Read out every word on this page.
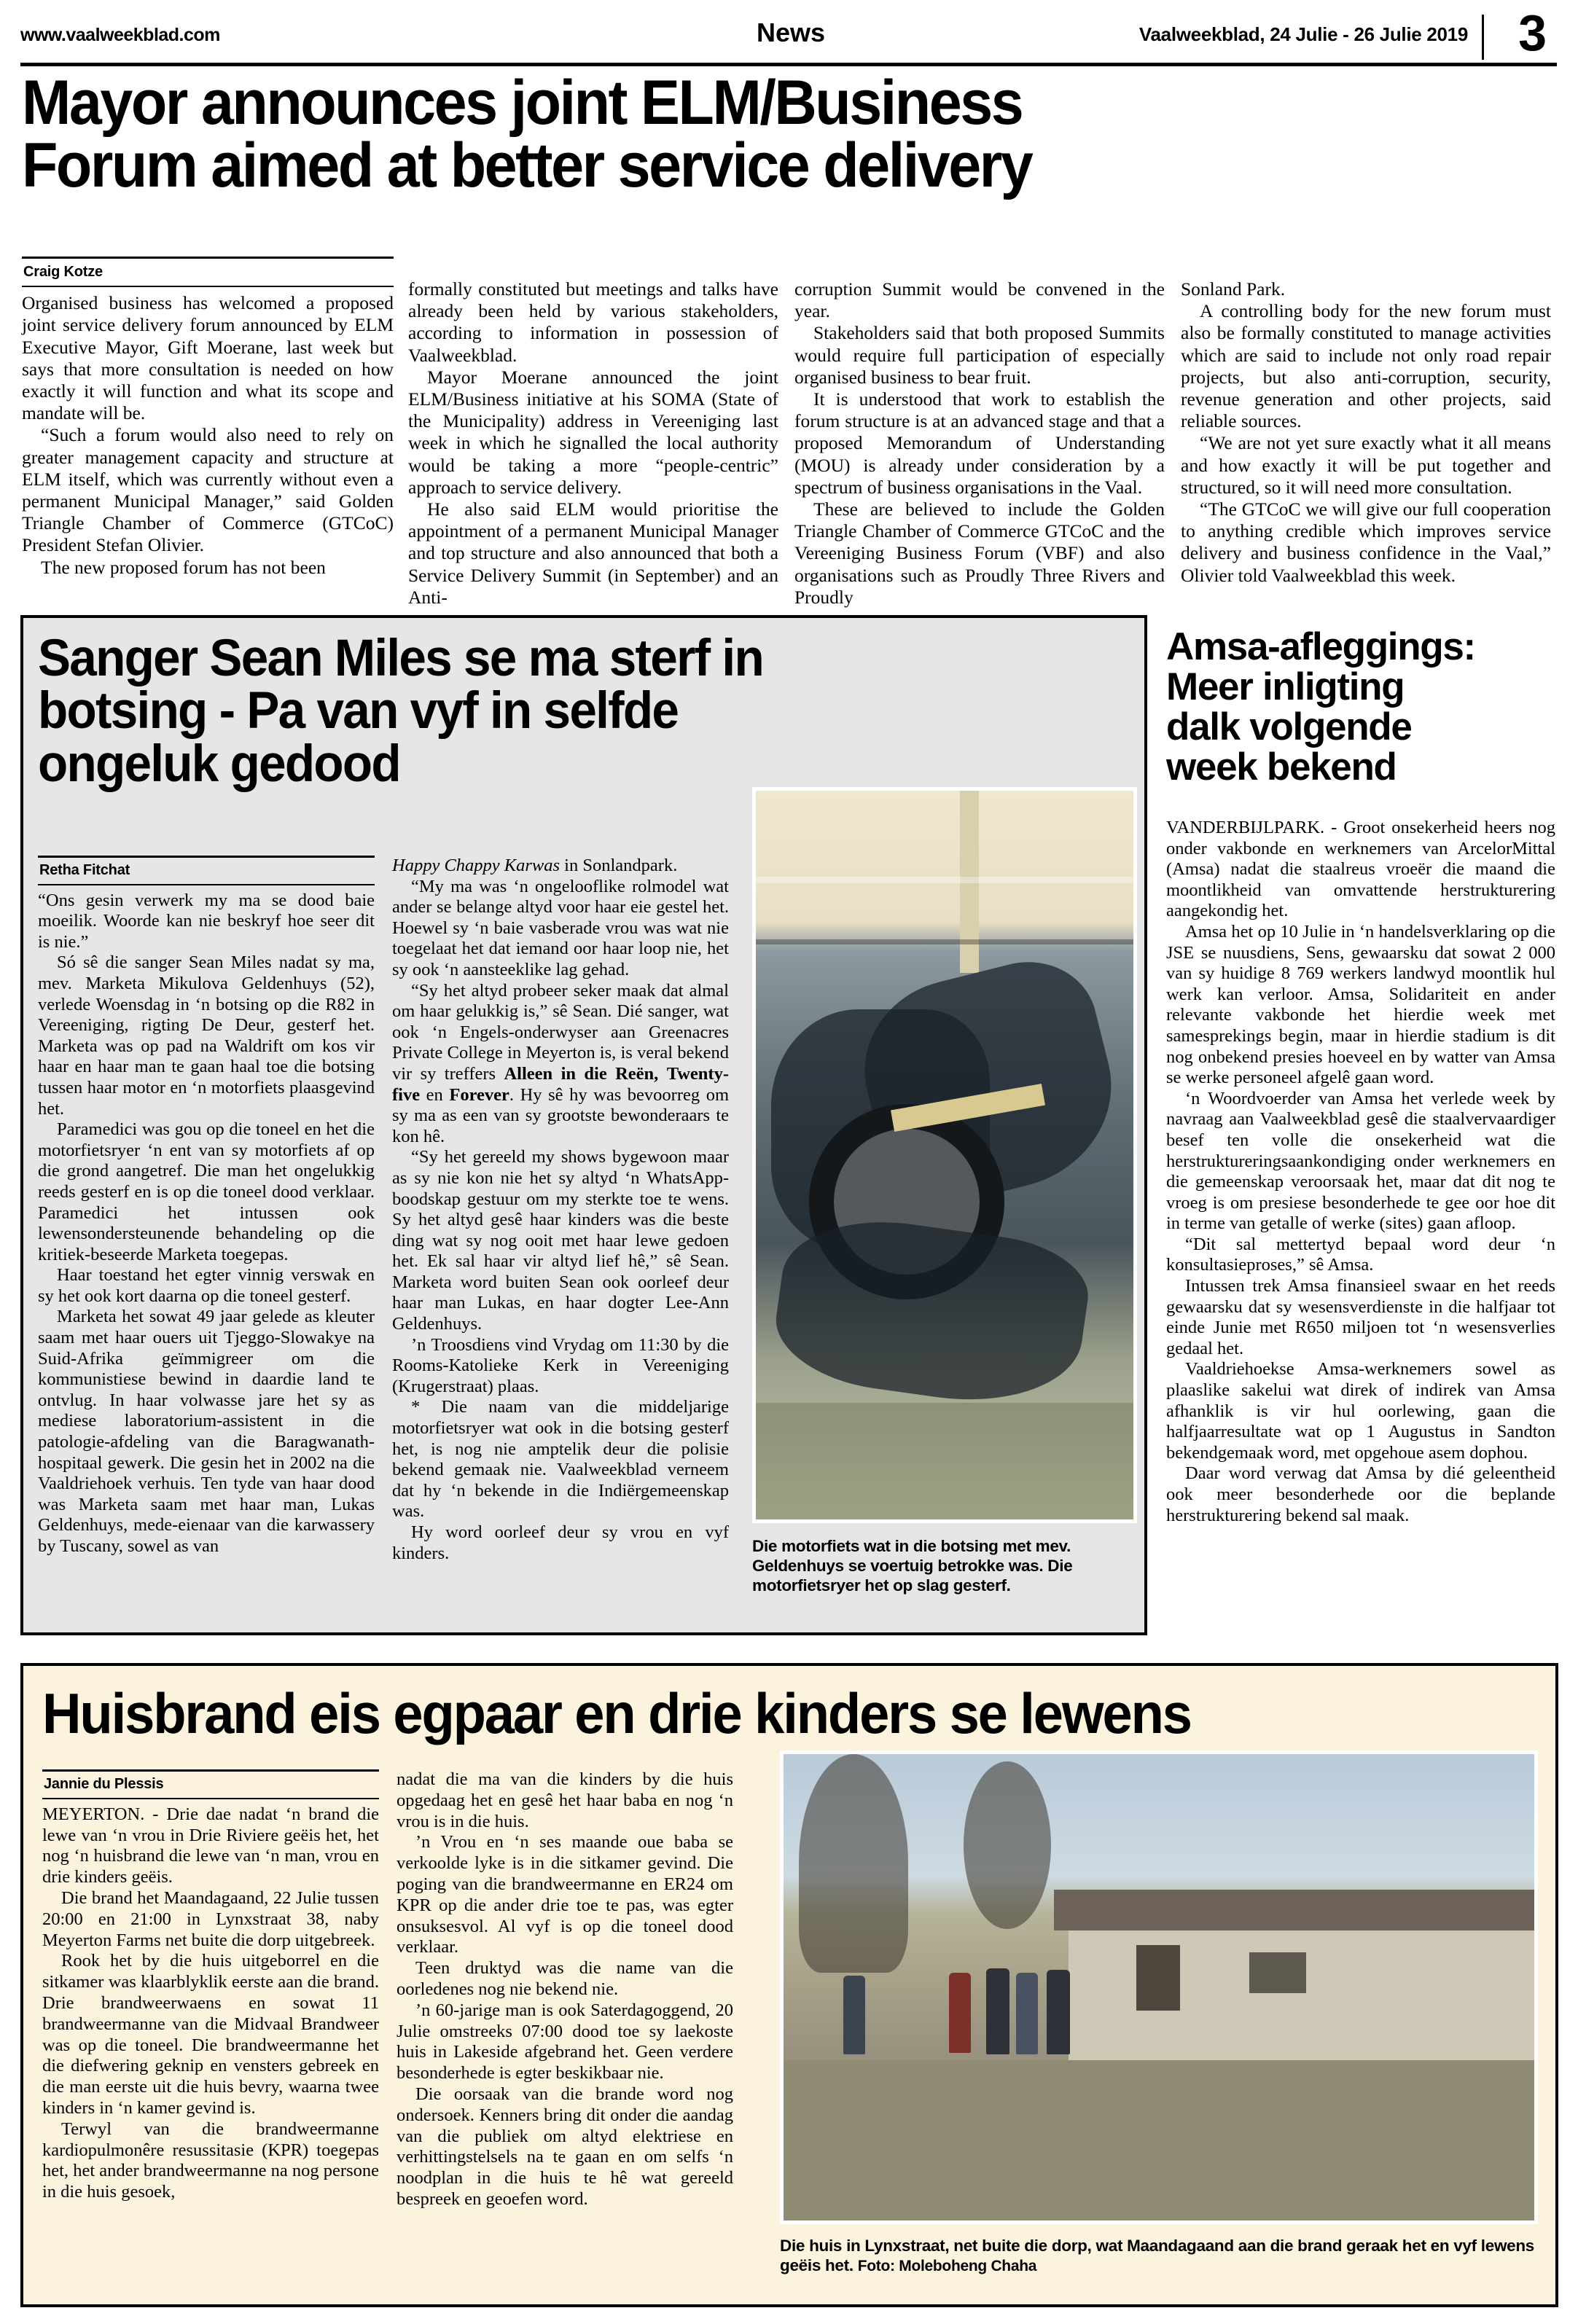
www.vaalweekblad.com	News	Vaalweekblad, 24 Julie - 26 Julie 2019 3
Mayor announces joint ELM/Business
Forum aimed at better service delivery
Craig Kotze

Organised business has welcomed a proposed joint service delivery forum announced by ELM Executive Mayor, Gift Moerane, last week but says that more consultation is needed on how exactly it will function and what its scope and mandate will be.

“Such a forum would also need to rely on greater management capacity and structure at ELM itself, which was currently without even a permanent Municipal Manager,” said Golden Triangle Chamber of Commerce (GTCoC) President Stefan Olivier.

The new proposed forum has not been

formally constituted but meetings and talks have already been held by various stakeholders, according to information in possession of Vaalweekblad.

Mayor Moerane announced the joint ELM/Business initiative at his SOMA (State of the Municipality) address in Vereeniging last week in which he signalled the local authority would be taking a more “people-centric” approach to service delivery.

He also said ELM would prioritise the appointment of a permanent Municipal Manager and top structure and also announced that both a Service Delivery Summit (in September) and an Anti-

corruption Summit would be convened in the year.

Stakeholders said that both proposed Summits would require full participation of especially organised business to bear fruit.

It is understood that work to establish the forum structure is at an advanced stage and that a proposed Memorandum of Understanding (MOU) is already under consideration by a spectrum of business organisations in the Vaal.

These are believed to include the Golden Triangle Chamber of Commerce GTCoC and the Vereeniging Business Forum (VBF) and also organisations such as Proudly Three Rivers and Proudly

Sonland Park.

A controlling body for the new forum must also be formally constituted to manage activities which are said to include not only road repair projects, but also anti-corruption, security, revenue generation and other projects, said reliable sources.

“We are not yet sure exactly what it all means and how exactly it will be put together and structured, so it will need more consultation.

“The GTCoC we will give our full cooperation to anything credible which improves service delivery and business confidence in the Vaal,” Olivier told Vaalweekblad this week.

Sanger Sean Miles se ma sterf in
botsing - Pa van vyf in selfde
ongeluk gedood
Retha Fitchat

“Ons gesin verwerk my ma se dood baie moeilik. Woorde kan nie beskryf hoe seer dit is nie.”

Só sê die sanger Sean Miles nadat sy ma, mev. Marketa Mikulova Geldenhuys (52), verlede Woensdag in ‘n botsing op die R82 in Vereeniging, rigting De Deur, gesterf het. Marketa was op pad na Waldrift om kos vir haar en haar man te gaan haal toe die botsing tussen haar motor en ‘n motorfiets plaasgevind het.

Paramedici was gou op die toneel en het die motorfietsryer ‘n ent van sy motorfiets af op die grond aangetref. Die man het ongelukkig reeds gesterf en is op die toneel dood verklaar. Paramedici het intussen ook lewensondersteunende behandeling op die kritiek-beseerde Marketa toegepas.

Haar toestand het egter vinnig verswak en sy het ook kort daarna op die toneel gesterf.

Marketa het sowat 49 jaar gelede as kleuter saam met haar ouers uit Tjeggo-Slowakye na Suid-Afrika geïmmigreer om die kommunistiese bewind in daardie land te ontvlug. In haar volwasse jare het sy as mediese laboratorium-assistent in die patologie-afdeling van die Baragwanath-hospitaal gewerk. Die gesin het in 2002 na die Vaaldriehoek verhuis. Ten tyde van haar dood was Marketa saam met haar man, Lukas Geldenhuys, mede-eienaar van die karwassery by Tuscany, sowel as van

Happy Chappy Karwas in Sonlandpark.

“My ma was ‘n ongelooflike rolmodel wat ander se belange altyd voor haar eie gestel het. Hoewel sy ‘n baie vasberade vrou was wat nie toegelaat het dat iemand oor haar loop nie, het sy ook ‘n aansteeklike lag gehad.

“Sy het altyd probeer seker maak dat almal om haar gelukkig is,” sê Sean. Dié sanger, wat ook ‘n Engels-onderwyser aan Greenacres Private College in Meyerton is, is veral bekend vir sy treffers Alleen in die Reën, Twenty-five en Forever. Hy sê hy was bevoorreg om sy ma as een van sy grootste bewonderaars te kon hê.

“Sy het gereeld my shows bygewoon maar as sy nie kon nie het sy altyd ‘n WhatsApp-boodskap gestuur om my sterkte toe te wens. Sy het altyd gesê haar kinders was die beste ding wat sy nog ooit met haar lewe gedoen het. Ek sal haar vir altyd lief hê,” sê Sean. Marketa word buiten Sean ook oorleef deur haar man Lukas, en haar dogter Lee-Ann Geldenhuys.

’n Troosdiens vind Vrydag om 11:30 by die Rooms-Katolieke Kerk in Vereeniging (Krugerstraat) plaas.

* Die naam van die middeljarige motorfietsryer wat ook in die botsing gesterf het, is nog nie amptelik deur die polisie bekend gemaak nie. Vaalweekblad verneem dat hy ‘n bekende in die Indiërgemeenskap was.

Hy word oorleef deur sy vrou en vyf kinders.	Die motorfiets wat in die botsing met mev. Geldenhuys se voertuig betrokke was. Die motorfietsryer het op slag gesterf.
Amsa-afleggings:
Meer inligting
dalk volgende
week bekend

VANDERBIJLPARK. - Groot onsekerheid heers nog onder vakbonde en werknemers van ArcelorMittal (Amsa) nadat die staalreus vroeër die maand die moontlikheid van omvattende herstrukturering aangekondig het.

Amsa het op 10 Julie in ‘n handelsverklaring op die JSE se nuusdiens, Sens, gewaarsku dat sowat 2 000 van sy huidige 8 769 werkers landwyd moontlik hul werk kan verloor. Amsa, Solidariteit en ander relevante vakbonde het hierdie week met samesprekings begin, maar in hierdie stadium is dit nog onbekend presies hoeveel en by watter van Amsa se werke personeel afgelê gaan word.

‘n Woordvoerder van Amsa het verlede week by navraag aan Vaalweekblad gesê die staalvervaardiger besef ten volle die onsekerheid wat die herstruktureringsaankondiging onder werknemers en die gemeenskap veroorsaak het, maar dat dit nog te vroeg is om presiese besonderhede te gee oor hoe dit in terme van getalle of werke (sites) gaan afloop.

“Dit sal mettertyd bepaal word deur ‘n konsultasieproses,” sê Amsa.

Intussen trek Amsa finansieel swaar en het reeds gewaarsku dat sy wesensverdienste in die halfjaar tot einde Junie met R650 miljoen tot ‘n wesensverlies gedaal het.

Vaaldriehoekse Amsa-werknemers sowel as plaaslike sakelui wat direk of indirek van Amsa afhanklik is vir hul oorlewing, gaan die halfjaarresultate wat op 1 Augustus in Sandton bekendgemaak word, met opgehoue asem dophou.

Daar word verwag dat Amsa by dié geleentheid ook meer besonderhede oor die beplande herstrukturering bekend sal maak.

Huisbrand eis egpaar en drie kinders se lewens
Jannie du Plessis

MEYERTON. - Drie dae nadat ‘n brand die lewe van ‘n vrou in Drie Riviere geëis het, het nog ‘n huisbrand die lewe van ‘n man, vrou en drie kinders geëis.

Die brand het Maandagaand, 22 Julie tussen 20:00 en 21:00 in Lynxstraat 38, naby Meyerton Farms net buite die dorp uitgebreek.

Rook het by die huis uitgeborrel en die sitkamer was klaarblyklik eerste aan die brand. Drie brandweerwaens en sowat 11 brandweermanne van die Midvaal Brandweer was op die toneel. Die brandweermanne het die diefwering geknip en vensters gebreek en die man eerste uit die huis bevry, waarna twee kinders in ‘n kamer gevind is.

Terwyl van die brandweermanne kardiopulmonêre resussitasie (KPR) toegepas het, het ander brandweermanne na nog persone in die huis gesoek,

nadat die ma van die kinders by die huis opgedaag het en gesê het haar baba en nog ‘n vrou is in die huis.

’n Vrou en ‘n ses maande oue baba se verkoolde lyke is in die sitkamer gevind. Die poging van die brandweermanne en ER24 om KPR op die ander drie toe te pas, was egter onsuksesvol. Al vyf is op die toneel dood verklaar.

Teen druktyd was die name van die oorledenes nog nie bekend nie.

’n 60-jarige man is ook Saterdagoggend, 20 Julie omstreeks 07:00 dood toe sy laekoste huis in Lakeside afgebrand het. Geen verdere besonderhede is egter beskikbaar nie.

Die oorsaak van die brande word nog ondersoek. Kenners bring dit onder die aandag van die publiek om altyd elektriese en verhittingstelsels na te gaan en om selfs ‘n noodplan in die huis te hê wat gereeld bespreek en geoefen word.

Die huis in Lynxstraat, net buite die dorp, wat Maandagaand aan die brand geraak het en vyf lewens geëis het. Foto: Moleboheng Chaha
